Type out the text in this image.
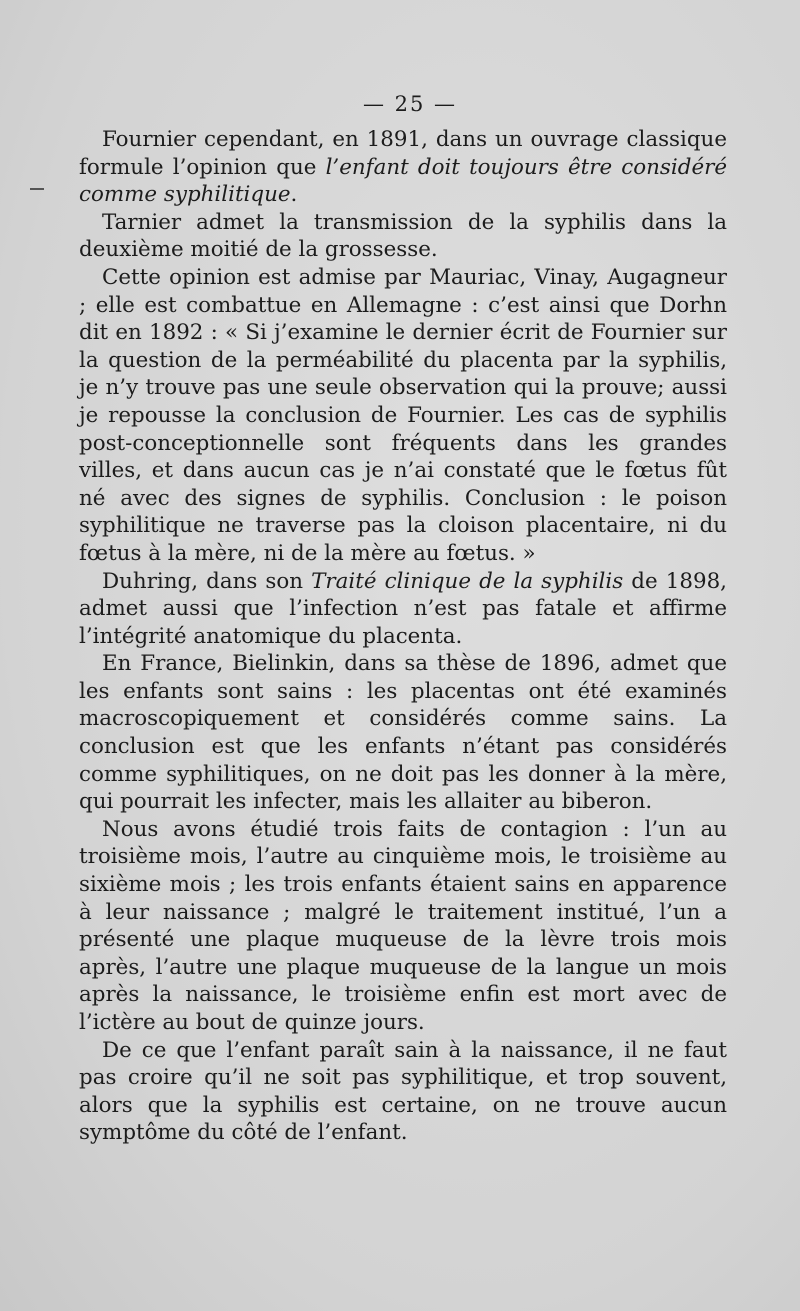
— 25 —

Fournier cependant, en 1891, dans un ouvrage classique formule l’opinion que l’enfant doit toujours être considéré comme syphilitique.

Tarnier admet la transmission de la syphilis dans la deuxième moitié de la grossesse.

Cette opinion est admise par Mauriac, Vinay, Augagneur ; elle est combattue en Allemagne : c’est ainsi que Dorhn dit en 1892 : « Si j’examine le dernier écrit de Fournier sur la question de la perméabilité du placenta par la syphilis, je n’y trouve pas une seule observation qui la prouve; aussi je repousse la conclusion de Fournier. Les cas de syphilis post-conceptionnelle sont fréquents dans les grandes villes, et dans aucun cas je n’ai constaté que le fœtus fût né avec des signes de syphilis. Conclusion : le poison syphilitique ne traverse pas la cloison placentaire, ni du fœtus à la mère, ni de la mère au fœtus. »

Duhring, dans son Traité clinique de la syphilis de 1898, admet aussi que l’infection n’est pas fatale et affirme l’intégrité anatomique du placenta.

En France, Bielinkin, dans sa thèse de 1896, admet que les enfants sont sains : les placentas ont été examinés macroscopiquement et considérés comme sains. La conclusion est que les enfants n’étant pas considérés comme syphilitiques, on ne doit pas les donner à la mère, qui pourrait les infecter, mais les allaiter au biberon.

Nous avons étudié trois faits de contagion : l’un au troisième mois, l’autre au cinquième mois, le troisième au sixième mois ; les trois enfants étaient sains en apparence à leur naissance ; malgré le traitement institué, l’un a présenté une plaque muqueuse de la lèvre trois mois après, l’autre une plaque muqueuse de la langue un mois après la naissance, le troisième enfin est mort avec de l’ictère au bout de quinze jours.

De ce que l’enfant paraît sain à la naissance, il ne faut pas croire qu’il ne soit pas syphilitique, et trop souvent, alors que la syphilis est certaine, on ne trouve aucun symptôme du côté de l’enfant.
